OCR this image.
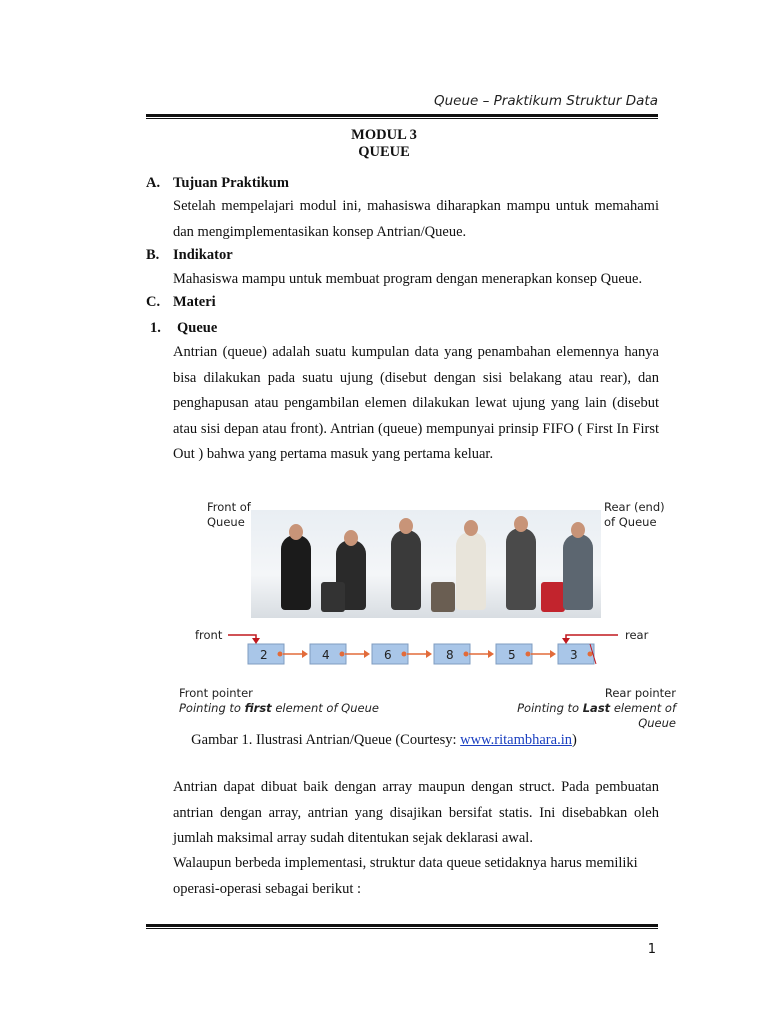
Queue – Praktikum Struktur Data
MODUL 3
QUEUE
A. Tujuan Praktikum
Setelah mempelajari modul ini, mahasiswa diharapkan mampu untuk memahami dan mengimplementasikan konsep Antrian/Queue.
B. Indikator
Mahasiswa mampu untuk membuat program dengan menerapkan konsep Queue.
C. Materi
1. Queue
Antrian (queue) adalah suatu kumpulan data yang penambahan elemennya hanya bisa dilakukan pada suatu ujung (disebut dengan sisi belakang atau rear), dan penghapusan atau pengambilan elemen dilakukan lewat ujung yang lain (disebut atau sisi depan atau front). Antrian (queue) mempunyai prinsip FIFO ( First In First Out ) bahwa yang pertama masuk yang pertama keluar.
Front of
Queue
Rear (end)
of Queue
front	rear
2	4	6	8	5	3
Front pointer
Pointing to first element of Queue
Rear pointer
Pointing to Last element of Queue
Gambar 1. Ilustrasi Antrian/Queue (Courtesy: www.ritambhara.in)
Antrian dapat dibuat baik dengan array maupun dengan struct. Pada pembuatan antrian dengan array, antrian yang disajikan bersifat statis. Ini disebabkan oleh jumlah maksimal array sudah ditentukan sejak deklarasi awal.
Walaupun berbeda implementasi, struktur data queue setidaknya harus memiliki operasi-operasi sebagai berikut :
1
